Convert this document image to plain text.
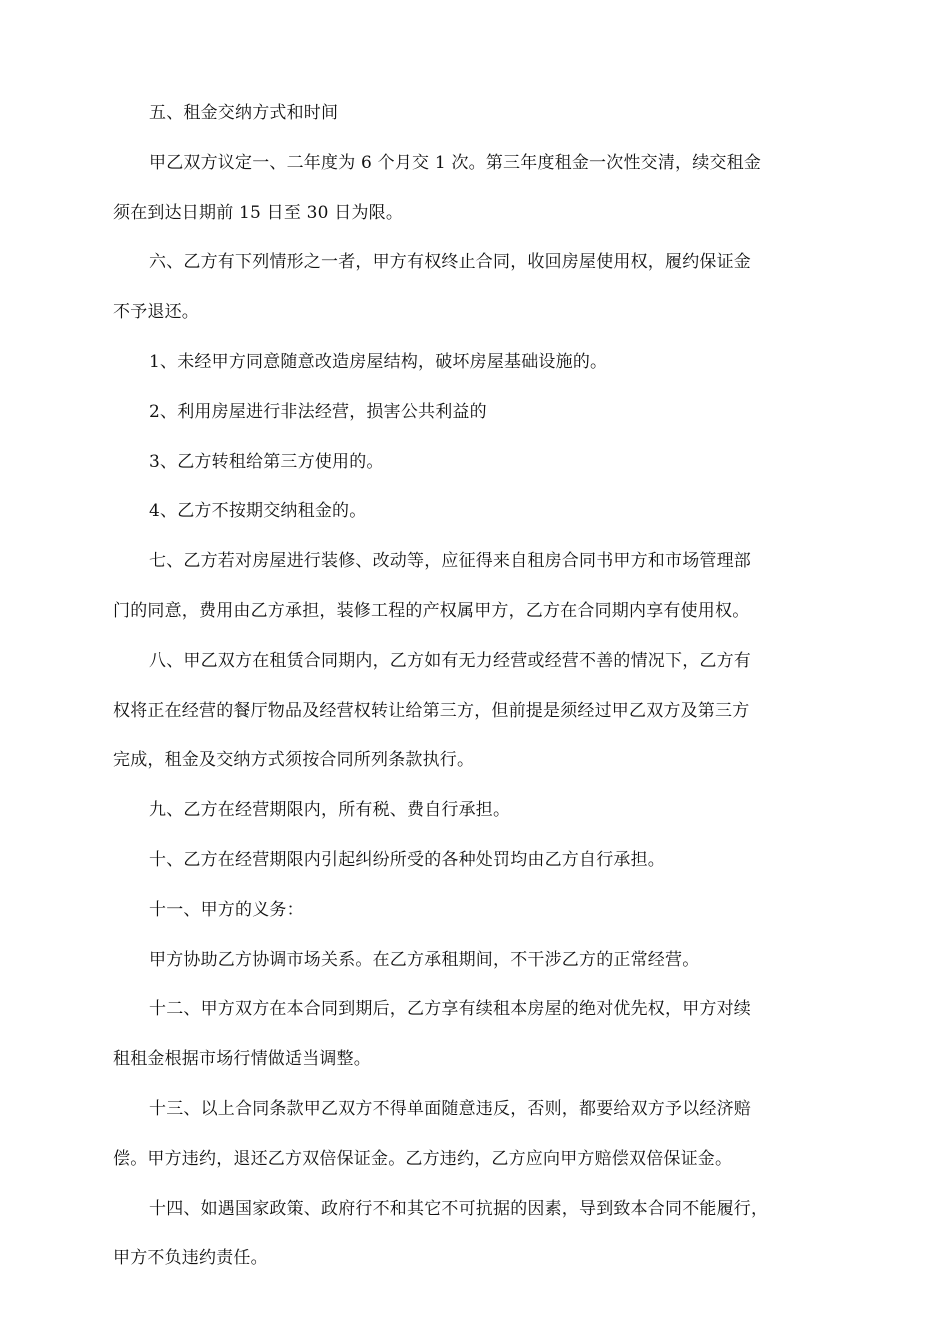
五、租金交纳方式和时间
甲乙双方议定一、二年度为 6 个月交 1 次。第三年度租金一次性交清，续交租金
须在到达日期前 15 日至 30 日为限。
六、乙方有下列情形之一者，甲方有权终止合同，收回房屋使用权，履约保证金
不予退还。
1、未经甲方同意随意改造房屋结构，破坏房屋基础设施的。
2、利用房屋进行非法经营，损害公共利益的
3、乙方转租给第三方使用的。
4、乙方不按期交纳租金的。
七、乙方若对房屋进行装修、改动等，应征得来自租房合同书甲方和市场管理部
门的同意，费用由乙方承担，装修工程的产权属甲方，乙方在合同期内享有使用权。
八、甲乙双方在租赁合同期内，乙方如有无力经营或经营不善的情况下，乙方有
权将正在经营的餐厅物品及经营权转让给第三方，但前提是须经过甲乙双方及第三方
完成，租金及交纳方式须按合同所列条款执行。
九、乙方在经营期限内，所有税、费自行承担。
十、乙方在经营期限内引起纠纷所受的各种处罚均由乙方自行承担。
十一、甲方的义务：
甲方协助乙方协调市场关系。在乙方承租期间，不干涉乙方的正常经营。
十二、甲方双方在本合同到期后，乙方享有续租本房屋的绝对优先权，甲方对续
租租金根据市场行情做适当调整。
十三、以上合同条款甲乙双方不得单面随意违反，否则，都要给双方予以经济赔
偿。甲方违约，退还乙方双倍保证金。乙方违约，乙方应向甲方赔偿双倍保证金。
十四、如遇国家政策、政府行不和其它不可抗据的因素，导到致本合同不能履行，
甲方不负违约责任。
